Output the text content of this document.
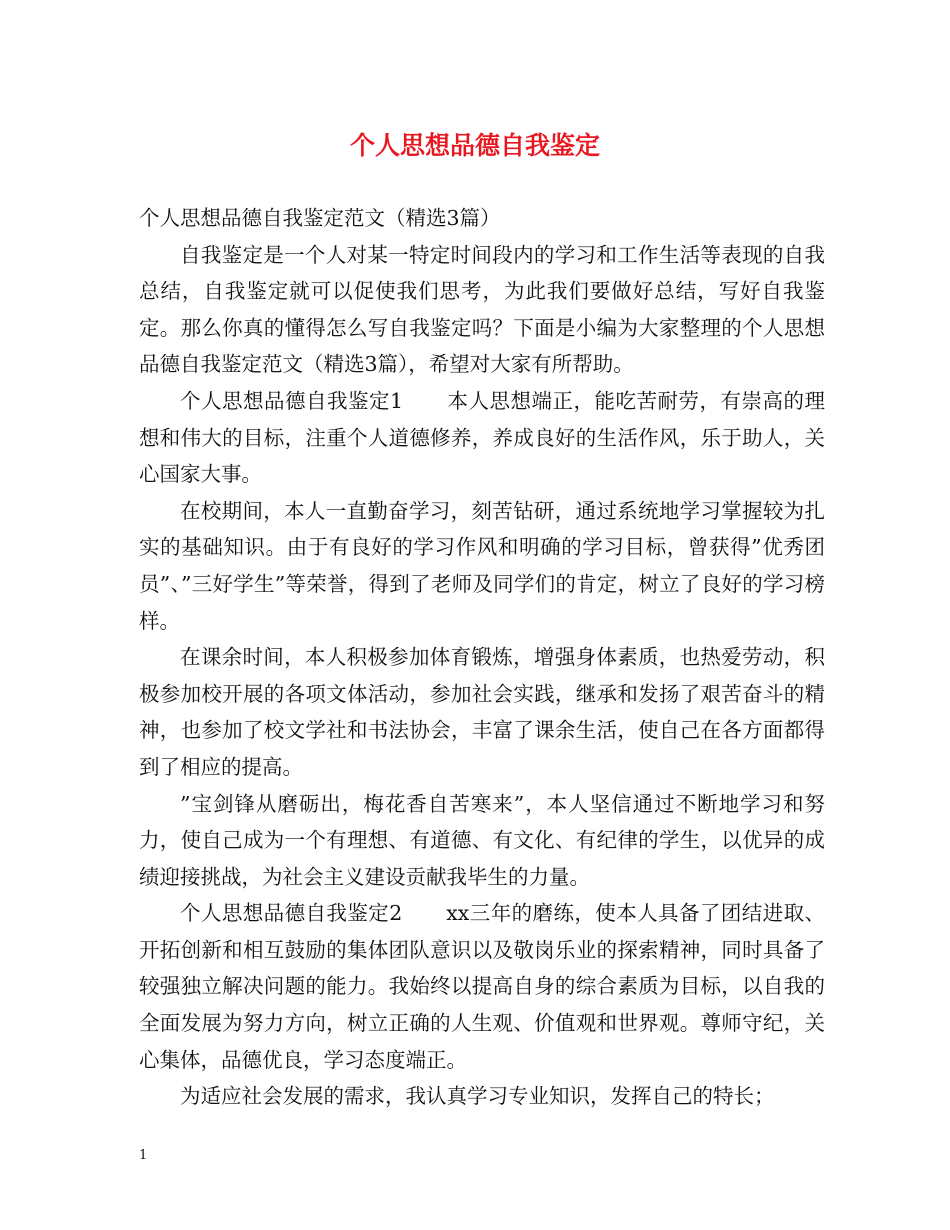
个人思想品德自我鉴定

个人思想品德自我鉴定范文（精选3篇）

自我鉴定是一个人对某一特定时间段内的学习和工作生活等表现的自我总结，自我鉴定就可以促使我们思考，为此我们要做好总结，写好自我鉴定。那么你真的懂得怎么写自我鉴定吗？下面是小编为大家整理的个人思想品德自我鉴定范文（精选3篇），希望对大家有所帮助。

个人思想品德自我鉴定1 本人思想端正，能吃苦耐劳，有崇高的理想和伟大的目标，注重个人道德修养，养成良好的生活作风，乐于助人，关心国家大事。

在校期间，本人一直勤奋学习，刻苦钻研，通过系统地学习掌握较为扎实的基础知识。由于有良好的学习作风和明确的学习目标，曾获得”优秀团员”、”三好学生”等荣誉，得到了老师及同学们的肯定，树立了良好的学习榜样。

在课余时间，本人积极参加体育锻炼，增强身体素质，也热爱劳动，积极参加校开展的各项文体活动，参加社会实践，继承和发扬了艰苦奋斗的精神，也参加了校文学社和书法协会，丰富了课余生活，使自己在各方面都得到了相应的提高。

”宝剑锋从磨砺出，梅花香自苦寒来”，本人坚信通过不断地学习和努力，使自己成为一个有理想、有道德、有文化、有纪律的学生，以优异的成绩迎接挑战，为社会主义建设贡献我毕生的力量。

个人思想品德自我鉴定2 xx三年的磨练，使本人具备了团结进取、开拓创新和相互鼓励的集体团队意识以及敬岗乐业的探索精神，同时具备了较强独立解决问题的能力。我始终以提高自身的综合素质为目标，以自我的全面发展为努力方向，树立正确的人生观、价值观和世界观。尊师守纪，关心集体，品德优良，学习态度端正。

为适应社会发展的需求，我认真学习专业知识，发挥自己的特长；

1
